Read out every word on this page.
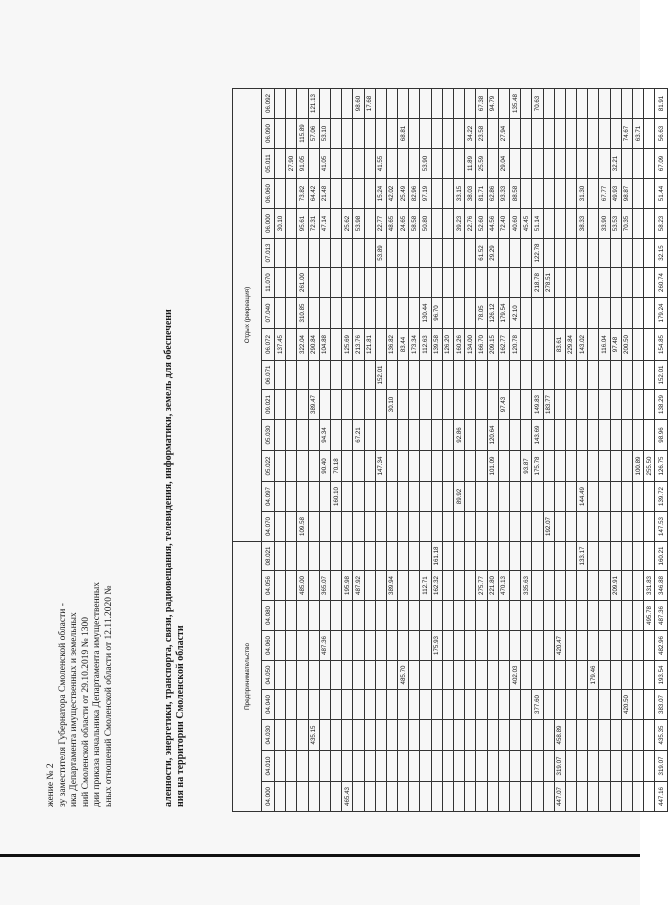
жение № 2 зу заместителя Губернатора Смоленской области - ика Департамента имущественных и земельных ний Смоленской области от 29.10.2019 № 1300 дии приказа начальника Департамента имущественных ьных отношений Смоленской области от 12.11.2020 №	аленности, энергетики, транспорта, связи, радиовещания, телевидения, информатики, земель для обеспечени ния на территории Смоленской области	Предпринимательство									Отдых (рекреация)														
04.000	04.010	04.030	04.040	04.050	04.060	04.080	04.056	08.021	04.070	04.097	05.022	05.030	09.021	06.071	06.072	07.040	11.070	07.013	06.000	06.060	05.011	06.090	06.092
															137.45				30.10				
																					27.90		
							485.00		109.58						322.04	310.85	261.00		95.61	73.82	91.05	115.89	
		435.15											389.47		290.84				72.31	64.42		57.06	121.13
					487.36		365.07				90.40	94.34			104.88				47.14	21.48	41.05	53.10	
										160.10	70.18												
465.43							195.98								125.69				25.62				
							487.92					67.21			213.76				53.98				98.60
															121.81								17.68
											147.34			152.01				53.89	22.77	15.24	41.55		
							389.94						30.10		136.82				48.65	42.02			
				485.70											83.44				24.65	25.49		68.81	
															173.34				58.58	82.96			
							112.71								112.63	130.44			50.80	97.19	53.90		
					175.93		162.32	161.18							139.58	96.70							
															126.20								
										89.92		92.86			160.26				39.23	33.15			
															134.00				22.76	38.03	11.89	34.22	
							275.77								166.70	78.05		61.52	52.60	81.71	25.59	23.58	67.38
							221.80				101.09	120.64			209.15	126.12		29.29	44.56	62.86			94.79
							470.13						97.43		162.77	179.54			72.40	93.33	29.04	27.94	
				402.03											120.78	42.10			40.60	88.58			135.48
							335.63				93.87								45.45				
			377.60								175.78	143.69	149.83				218.78	122.78	51.14				70.63
									192.07				183.77				278.51						
447.07	319.07	458.89			420.47										83.61								
															229.84								
								133.17		144.49					143.02				38.33	31.30			
				179.46																			
															116.04				33.90	67.77			
							209.91								97.48				53.53	49.93	32.21		
			420.50												200.50				70.35	98.87		74.67	
											100.89											63.71	
						495.78	331.83				255.50												
447.16	319.07	435.35	383.07	193.54	482.96	487.36	346.88	160.21	147.53	139.72	126.75	98.96	138.29	152.01	154.85	179.24	260.74	32.15	58.23	51.44	67.09	56.63	81.91
